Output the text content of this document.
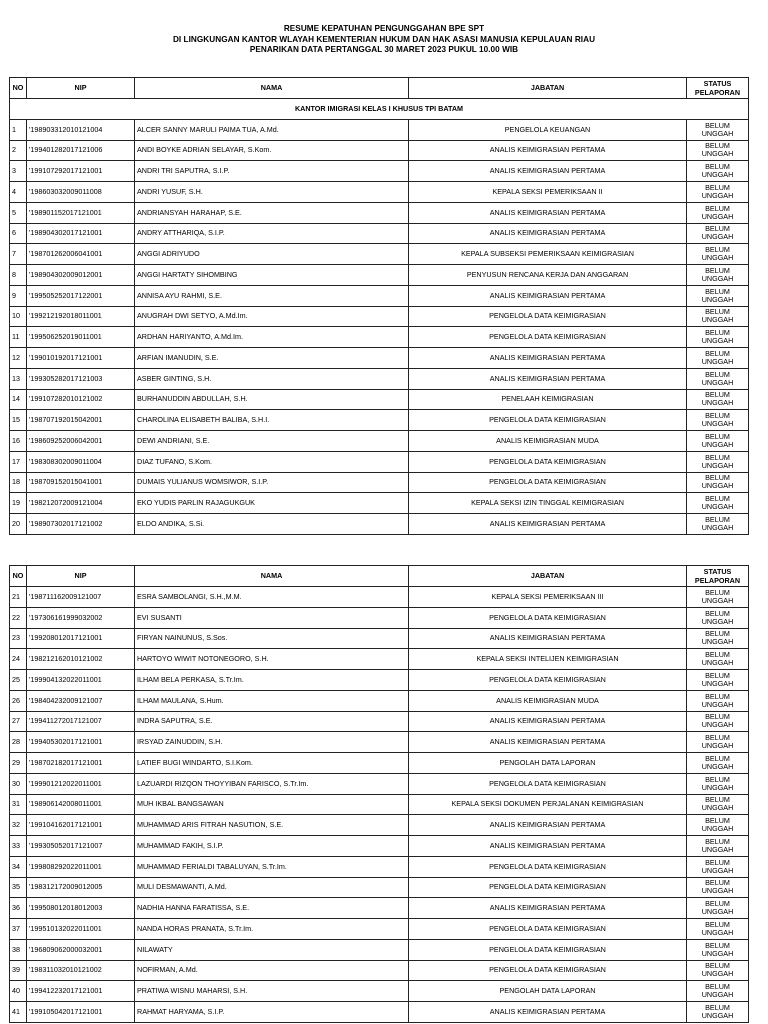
RESUME KEPATUHAN PENGUNGGAHAN BPE SPT
DI LINGKUNGAN KANTOR WLAYAH KEMENTERIAN HUKUM DAN HAK ASASI MANUSIA KEPULAUAN RIAU
PENARIKAN DATA PERTANGGAL 30 MARET 2023 PUKUL 10.00 WIB
NO	NIP	NAMA	JABATAN	STATUS
PELAPORAN

KANTOR IMIGRASI KELAS I KHUSUS TPI BATAM				
1	'198903312010121004	ALCER SANNY MARULI PAIMA TUA, A.Md.	PENGELOLA KEUANGAN	BELUM
UNGGAH

2	'199401282017121006	ANDI BOYKE ADRIAN SELAYAR, S.Kom.	ANALIS KEIMIGRASIAN PERTAMA	BELUM
UNGGAH

3	'199107292017121001	ANDRI TRI SAPUTRA, S.I.P.	ANALIS KEIMIGRASIAN PERTAMA	BELUM
UNGGAH

4	'198603032009011008	ANDRI YUSUF, S.H.	KEPALA SEKSI PEMERIKSAAN II	BELUM
UNGGAH

5	'198901152017121001	ANDRIANSYAH HARAHAP, S.E.	ANALIS KEIMIGRASIAN PERTAMA	BELUM
UNGGAH

6	'198904302017121001	ANDRY ATTHARIQA, S.I.P.	ANALIS KEIMIGRASIAN PERTAMA	BELUM
UNGGAH

7	'198701262006041001	ANGGI ADRIYUDO	KEPALA SUBSEKSI PEMERIKSAAN KEIMIGRASIAN	BELUM
UNGGAH

8	'198904302009012001	ANGGI HARTATY SIHOMBING	PENYUSUN RENCANA KERJA DAN ANGGARAN	BELUM
UNGGAH

9	'199505252017122001	ANNISA AYU RAHMI, S.E.	ANALIS KEIMIGRASIAN PERTAMA	BELUM
UNGGAH

10	'199212192018011001	ANUGRAH DWI SETYO, A.Md.Im.	PENGELOLA DATA KEIMIGRASIAN	BELUM
UNGGAH

11	'199506252019011001	ARDHAN HARIYANTO, A.Md.Im.	PENGELOLA DATA KEIMIGRASIAN	BELUM
UNGGAH

12	'199010192017121001	ARFIAN IMANUDIN, S.E.	ANALIS KEIMIGRASIAN PERTAMA	BELUM
UNGGAH

13	'199305282017121003	ASBER GINTING, S.H.	ANALIS KEIMIGRASIAN PERTAMA	BELUM
UNGGAH

14	'199107282010121002	BURHANUDDIN ABDULLAH, S.H.	PENELAAH KEIMIGRASIAN	BELUM
UNGGAH

15	'198707192015042001	CHAROLINA ELISABETH BALIBA, S.H.I.	PENGELOLA DATA KEIMIGRASIAN	BELUM
UNGGAH

16	'198609252006042001	DEWI ANDRIANI, S.E.	ANALIS KEIMIGRASIAN MUDA	BELUM
UNGGAH

17	'198308302009011004	DIAZ TUFANO, S.Kom.	PENGELOLA DATA KEIMIGRASIAN	BELUM
UNGGAH

18	'198709152015041001	DUMAIS YULIANUS WOMSIWOR, S.I.P.	PENGELOLA DATA KEIMIGRASIAN	BELUM
UNGGAH

19	'198212072009121004	EKO YUDIS PARLIN RAJAGUKGUK	KEPALA SEKSI IZIN TINGGAL KEIMIGRASIAN	BELUM
UNGGAH

20	'198907302017121002	ELDO ANDIKA, S.Si.	ANALIS KEIMIGRASIAN PERTAMA	BELUM
UNGGAH
NO	NIP	NAMA	JABATAN	STATUS
PELAPORAN

21	'198711162009121007	ESRA SAMBOLANGI, S.H.,M.M.	KEPALA SEKSI PEMERIKSAAN III	BELUM
UNGGAH

22	'197306161999032002	EVI SUSANTI	PENGELOLA DATA KEIMIGRASIAN	BELUM
UNGGAH

23	'199208012017121001	FIRYAN NAINUNUS, S.Sos.	ANALIS KEIMIGRASIAN PERTAMA	BELUM
UNGGAH

24	'198212162010121002	HARTOYO WIWIT NOTONEGORO, S.H.	KEPALA SEKSI INTELIJEN KEIMIGRASIAN	BELUM
UNGGAH

25	'199904132022011001	ILHAM BELA PERKASA, S.Tr.Im.	PENGELOLA DATA KEIMIGRASIAN	BELUM
UNGGAH

26	'198404232009121007	ILHAM MAULANA, S.Hum.	ANALIS KEIMIGRASIAN MUDA	BELUM
UNGGAH

27	'199411272017121007	INDRA SAPUTRA, S.E.	ANALIS KEIMIGRASIAN PERTAMA	BELUM
UNGGAH

28	'199405302017121001	IRSYAD ZAINUDDIN, S.H.	ANALIS KEIMIGRASIAN PERTAMA	BELUM
UNGGAH

29	'198702182017121001	LATIEF BUGI WINDARTO, S.I.Kom.	PENGOLAH DATA LAPORAN	BELUM
UNGGAH

30	'199901212022011001	LAZUARDI RIZQON THOYYIBAN FARISCO, S.Tr.Im.	PENGELOLA DATA KEIMIGRASIAN	BELUM
UNGGAH

31	'198906142008011001	MUH IKBAL BANGSAWAN	KEPALA SEKSI DOKUMEN PERJALANAN KEIMIGRASIAN	BELUM
UNGGAH

32	'199104162017121001	MUHAMMAD ARIS FITRAH NASUTION, S.E.	ANALIS KEIMIGRASIAN PERTAMA	BELUM
UNGGAH

33	'199305052017121007	MUHAMMAD FAKIH, S.I.P.	ANALIS KEIMIGRASIAN PERTAMA	BELUM
UNGGAH

34	'199808292022011001	MUHAMMAD FERIALDI TABALUYAN, S.Tr.Im.	PENGELOLA DATA KEIMIGRASIAN	BELUM
UNGGAH

35	'198312172009012005	MULI DESMAWANTI, A.Md.	PENGELOLA DATA KEIMIGRASIAN	BELUM
UNGGAH

36	'199508012018012003	NADHIA HANNA FARATISSA, S.E.	ANALIS KEIMIGRASIAN PERTAMA	BELUM
UNGGAH

37	'199510132022011001	NANDA HORAS PRANATA, S.Tr.Im.	PENGELOLA DATA KEIMIGRASIAN	BELUM
UNGGAH

38	'196809062000032001	NILAWATY	PENGELOLA DATA KEIMIGRASIAN	BELUM
UNGGAH

39	'198311032010121002	NOFIRMAN, A.Md.	PENGELOLA DATA KEIMIGRASIAN	BELUM
UNGGAH

40	'199412232017121001	PRATIWA WISNU MAHARSI, S.H.	PENGOLAH DATA LAPORAN	BELUM
UNGGAH

41	'199105042017121001	RAHMAT HARYAMA, S.I.P.	ANALIS KEIMIGRASIAN PERTAMA	BELUM
UNGGAH
